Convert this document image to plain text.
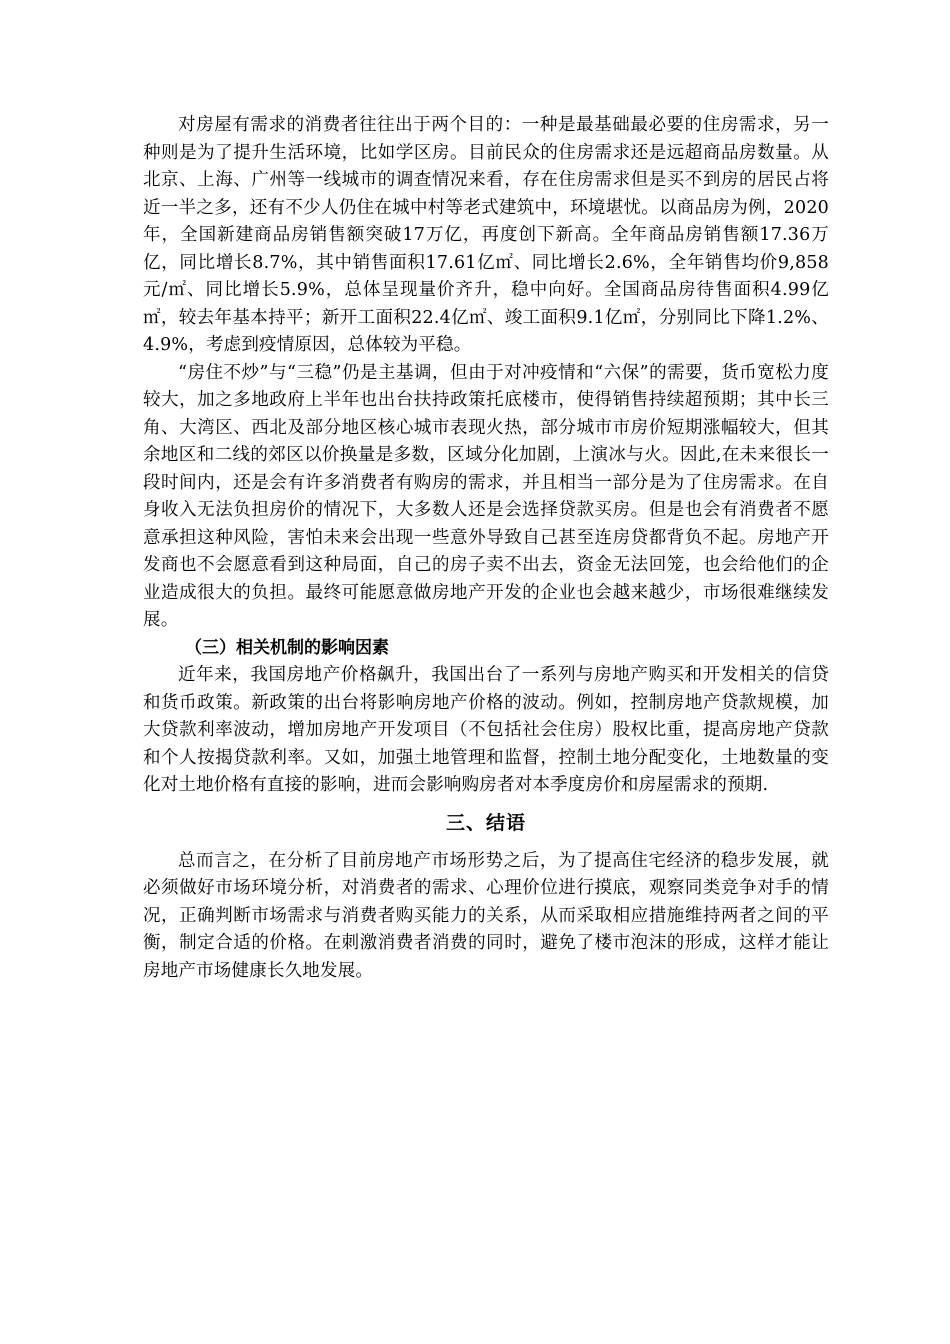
对房屋有需求的消费者往往出于两个目的：一种是最基础最必要的住房需求，另一种则是为了提升生活环境，比如学区房。目前民众的住房需求还是远超商品房数量。从北京、上海、广州等一线城市的调查情况来看，存在住房需求但是买不到房的居民占将近一半之多，还有不少人仍住在城中村等老式建筑中，环境堪忧。以商品房为例，2020年，全国新建商品房销售额突破17万亿，再度创下新高。全年商品房销售额17.36万亿，同比增长8.7%，其中销售面积17.61亿㎡、同比增长2.6%，全年销售均价9,858元/㎡、同比增长5.9%，总体呈现量价齐升，稳中向好。全国商品房待售面积4.99亿㎡，较去年基本持平；新开工面积22.4亿㎡、竣工面积9.1亿㎡，分别同比下降1.2%、4.9%，考虑到疫情原因，总体较为平稳。

“房住不炒”与“三稳”仍是主基调，但由于对冲疫情和“六保”的需要，货币宽松力度较大，加之多地政府上半年也出台扶持政策托底楼市，使得销售持续超预期；其中长三角、大湾区、西北及部分地区核心城市表现火热，部分城市市房价短期涨幅较大，但其余地区和二线的郊区以价换量是多数，区域分化加剧，上演冰与火。因此,在未来很长一段时间内，还是会有许多消费者有购房的需求，并且相当一部分是为了住房需求。在自身收入无法负担房价的情况下，大多数人还是会选择贷款买房。但是也会有消费者不愿意承担这种风险，害怕未来会出现一些意外导致自己甚至连房贷都背负不起。房地产开发商也不会愿意看到这种局面，自己的房子卖不出去，资金无法回笼，也会给他们的企业造成很大的负担。最终可能愿意做房地产开发的企业也会越来越少，市场很难继续发展。

（三）相关机制的影响因素

近年来，我国房地产价格飙升，我国出台了一系列与房地产购买和开发相关的信贷和货币政策。新政策的出台将影响房地产价格的波动。例如，控制房地产贷款规模，加大贷款利率波动，增加房地产开发项目（不包括社会住房）股权比重，提高房地产贷款和个人按揭贷款利率。又如，加强土地管理和监督，控制土地分配变化，土地数量的变化对土地价格有直接的影响，进而会影响购房者对本季度房价和房屋需求的预期.

三、结语

总而言之，在分析了目前房地产市场形势之后，为了提高住宅经济的稳步发展，就必须做好市场环境分析，对消费者的需求、心理价位进行摸底，观察同类竞争对手的情况，正确判断市场需求与消费者购买能力的关系，从而采取相应措施维持两者之间的平衡，制定合适的价格。在刺激消费者消费的同时，避免了楼市泡沫的形成，这样才能让房地产市场健康长久地发展。
